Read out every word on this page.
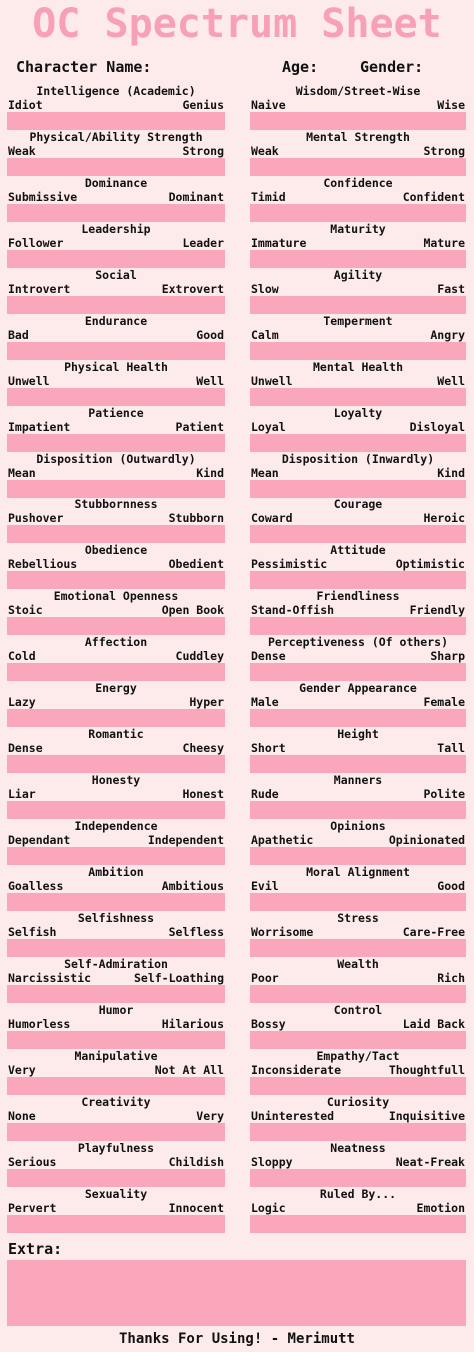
OC Spectrum Sheet
Character Name:	Age:	Gender:
Intelligence (Academic)
Idiot	Genius
Physical/Ability Strength
Weak	Strong
Dominance
Submissive	Dominant
Leadership
Follower	Leader
Social
Introvert	Extrovert
Endurance
Bad	Good
Physical Health
Unwell	Well
Patience
Impatient	Patient
Disposition (Outwardly)
Mean	Kind
Stubbornness
Pushover	Stubborn
Obedience
Rebellious	Obedient
Emotional Openness
Stoic	Open Book
Affection
Cold	Cuddley
Energy
Lazy	Hyper
Romantic
Dense	Cheesy
Honesty
Liar	Honest
Independence
Dependant	Independent
Ambition
Goalless	Ambitious
Selfishness
Selfish	Selfless
Self-Admiration
Narcissistic	Self-Loathing
Humor
Humorless	Hilarious
Manipulative
Very	Not At All
Creativity
None	Very
Playfulness
Serious	Childish
Sexuality
Pervert	Innocent
Wisdom/Street-Wise
Naive	Wise
Mental Strength
Weak	Strong
Confidence
Timid	Confident
Maturity
Immature	Mature
Agility
Slow	Fast
Temperment
Calm	Angry
Mental Health
Unwell	Well
Loyalty
Loyal	Disloyal
Disposition (Inwardly)
Mean	Kind
Courage
Coward	Heroic
Attitude
Pessimistic	Optimistic
Friendliness
Stand-Offish	Friendly
Perceptiveness (Of others)
Dense	Sharp
Gender Appearance
Male	Female
Height
Short	Tall
Manners
Rude	Polite
Opinions
Apathetic	Opinionated
Moral Alignment
Evil	Good
Stress
Worrisome	Care-Free
Wealth
Poor	Rich
Control
Bossy	Laid Back
Empathy/Tact
Inconsiderate	Thoughtfull
Curiosity
Uninterested	Inquisitive
Neatness
Sloppy	Neat-Freak
Ruled By...
Logic	Emotion
Extra:
Thanks For Using! - Merimutt
